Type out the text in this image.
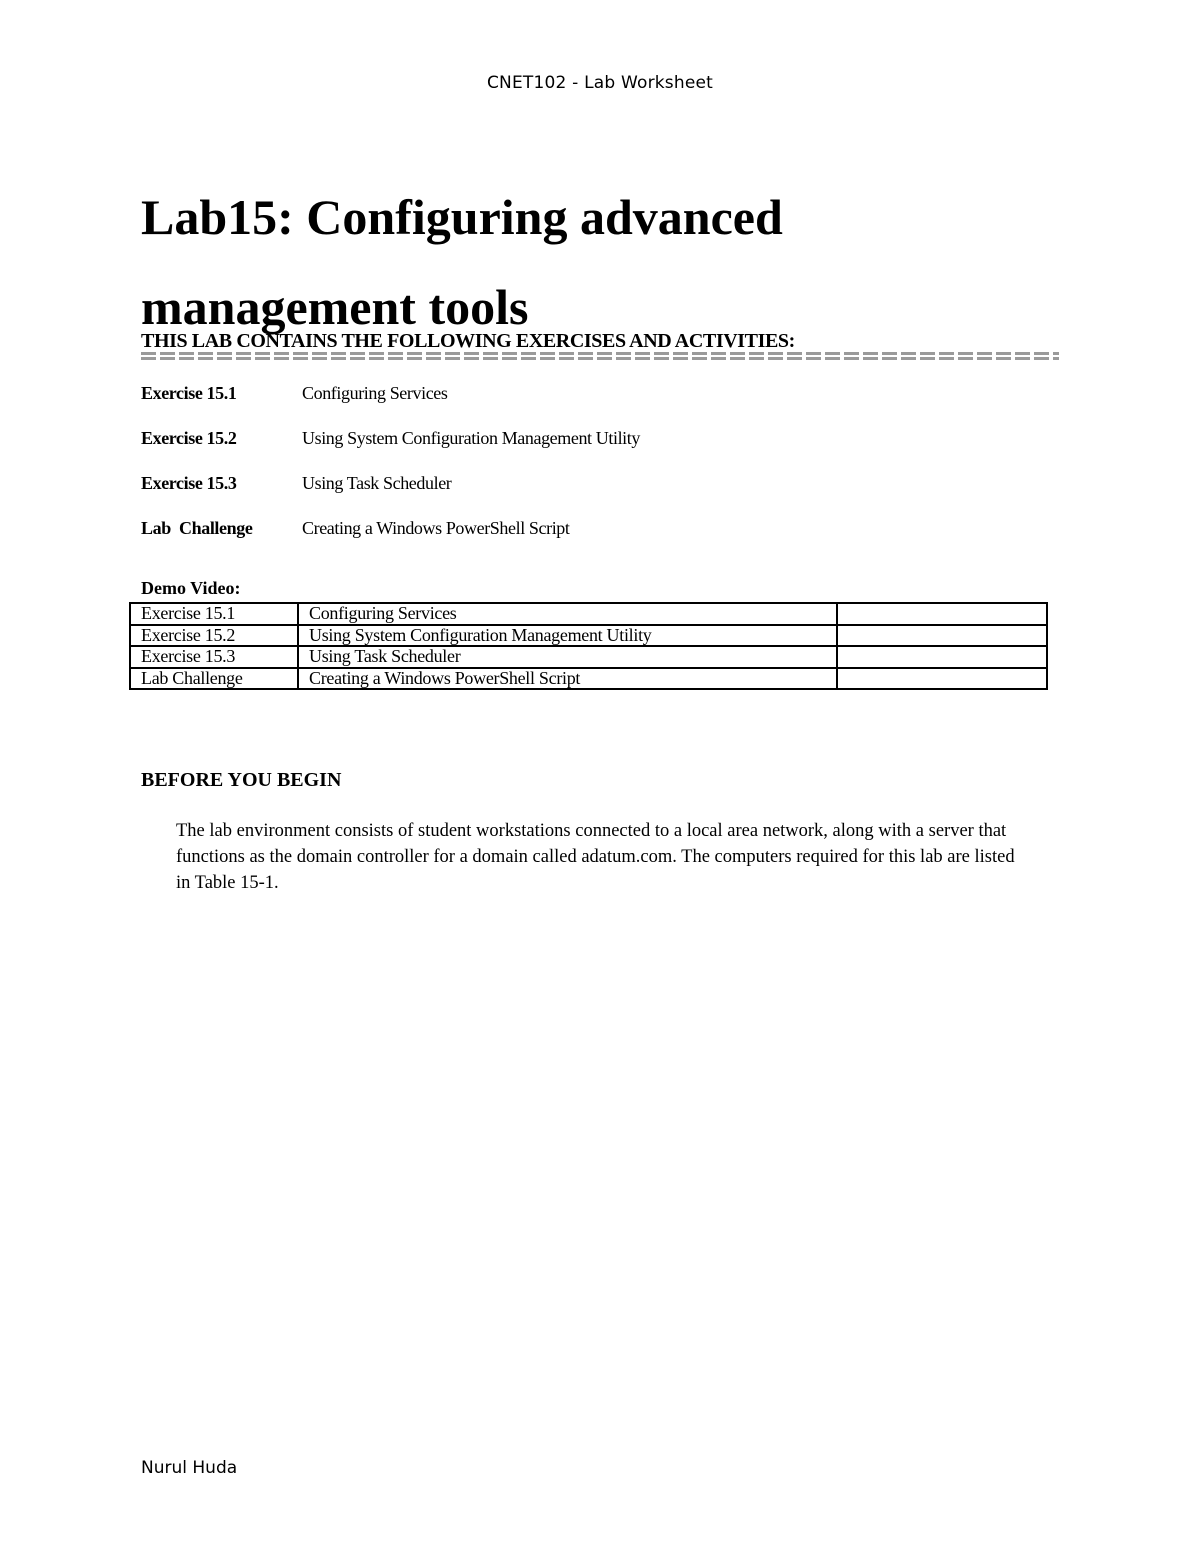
CNET102 - Lab Worksheet
Lab15: Configuring advanced
management tools
THIS LAB CONTAINS THE FOLLOWING EXERCISES AND ACTIVITIES:
Exercise 15.1	Configuring Services
Exercise 15.2	Using System Configuration Management Utility
Exercise 15.3	Using Task Scheduler
Lab  Challenge	Creating a Windows PowerShell Script
Demo Video:
Exercise 15.1	Configuring Services	
Exercise 15.2	Using System Configuration Management Utility	
Exercise 15.3	Using Task Scheduler	
Lab Challenge	Creating a Windows PowerShell Script	
BEFORE YOU BEGIN
The lab environment consists of student workstations connected to a local area network, along with a server that functions as the domain controller for a domain called adatum.com. The computers required for this lab are listed in Table 15-1.
Nurul Huda
